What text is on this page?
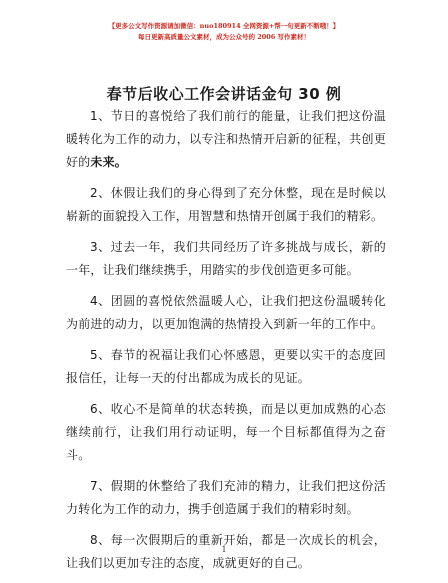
【更多公文写作资源请加微信：nuo180914 全网资源+帮一句更新不断哦！】
每日更新高质量公文素材，成为公众号的 2006 写作素材！
春节后收心工作会讲话金句 30 例

1、节日的喜悦给了我们前行的能量，让我们把这份温暖转化为工作的动力，以专注和热情开启新的征程，共创更好的未来。

2、休假让我们的身心得到了充分休整，现在是时候以崭新的面貌投入工作，用智慧和热情开创属于我们的精彩。

3、过去一年，我们共同经历了许多挑战与成长，新的一年，让我们继续携手，用踏实的步伐创造更多可能。

4、团圆的喜悦依然温暖人心，让我们把这份温暖转化为前进的动力，以更加饱满的热情投入到新一年的工作中。

5、春节的祝福让我们心怀感恩，更要以实干的态度回报信任，让每一天的付出都成为成长的见证。

6、收心不是简单的状态转换，而是以更加成熟的心态继续前行，让我们用行动证明，每一个目标都值得为之奋斗。

7、假期的休整给了我们充沛的精力，让我们把这份活力转化为工作的动力，携手创造属于我们的精彩时刻。

8、每一次假期后的重新开始，都是一次成长的机会，让我们以更加专注的态度，成就更好的自己。

1
